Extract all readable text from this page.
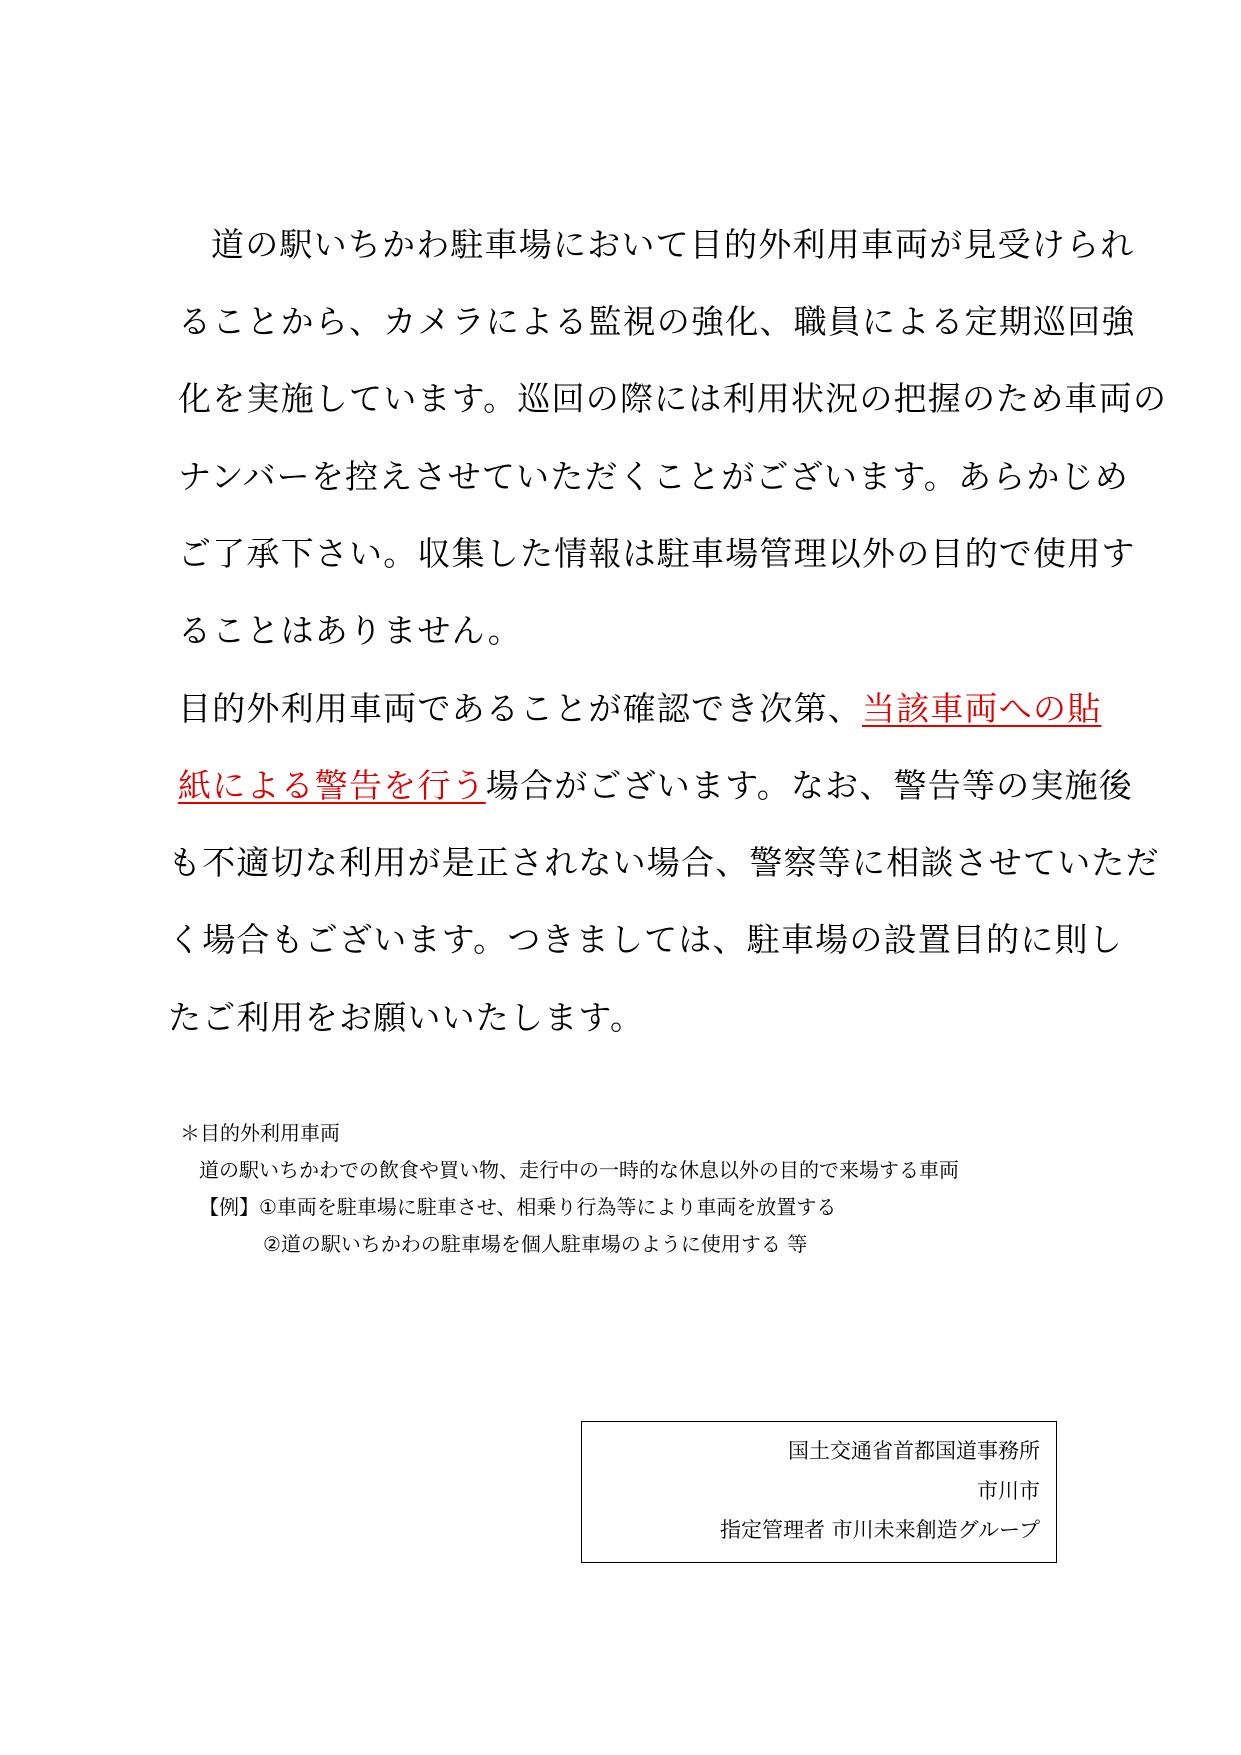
道の駅いちかわ駐車場において目的外利用車両が見受けられ
ることから、カメラによる監視の強化、職員による定期巡回強
化を実施しています。巡回の際には利用状況の把握のため車両の
ナンバーを控えさせていただくことがございます。あらかじめ
ご了承下さい。収集した情報は駐車場管理以外の目的で使用す
ることはありません。
目的外利用車両であることが確認でき次第、当該車両への貼
紙による警告を行う場合がございます。なお、警告等の実施後
も不適切な利用が是正されない場合、警察等に相談させていただ
く場合もございます。つきましては、駐車場の設置目的に則し
たご利用をお願いいたします。
＊目的外利用車両
道の駅いちかわでの飲食や買い物、走行中の一時的な休息以外の目的で来場する車両
【例】①車両を駐車場に駐車させ、相乗り行為等により車両を放置する
②道の駅いちかわの駐車場を個人駐車場のように使用する 等
国土交通省首都国道事務所
市川市
指定管理者 市川未来創造グループ
